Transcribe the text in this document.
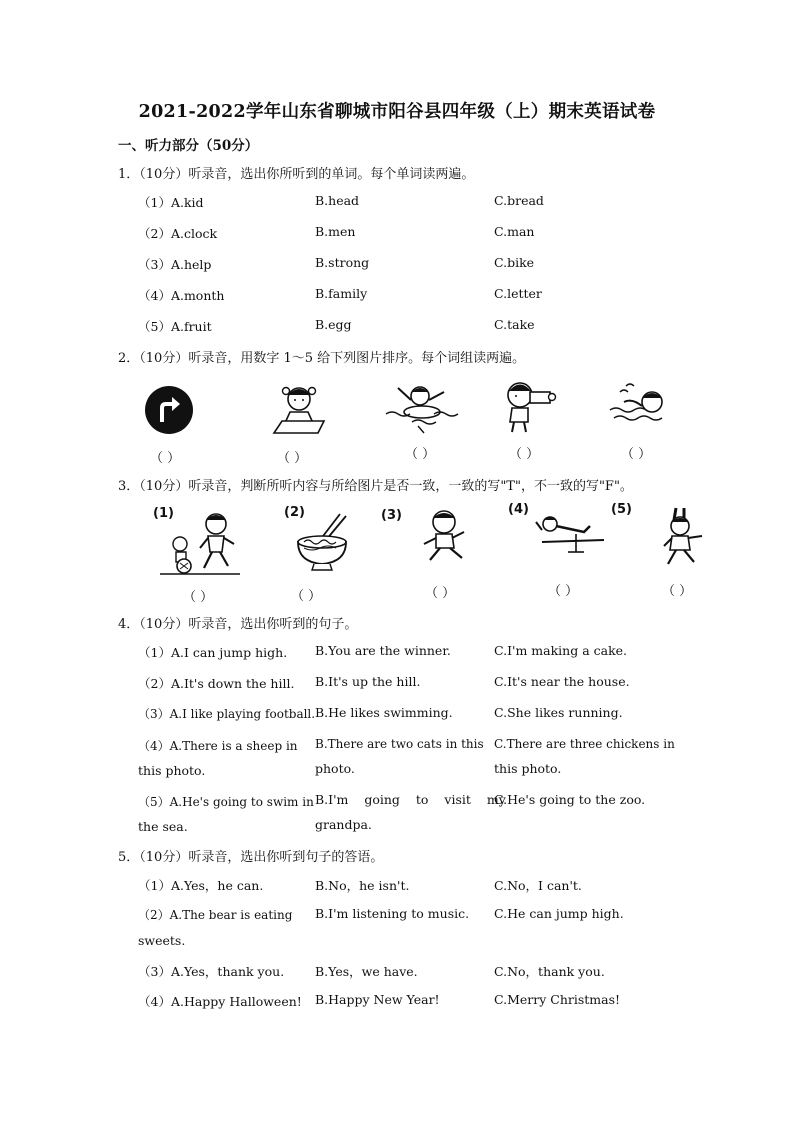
2021-2022学年山东省聊城市阳谷县四年级（上）期末英语试卷
一、听力部分（50分）
1．（10分）听录音，选出你所听到的单词。每个单词读两遍。
（1）A.kid	B.head	C.bread
（2）A.clock	B.men	C.man
（3）A.help	B.strong	C.bike
（4）A.month	B.family	C.letter
（5）A.fruit	B.egg	C.take
2．（10分）听录音，用数字 1～5 给下列图片排序。每个词组读两遍。
（ ）	（ ）	（ ）	（ ）	（ ）
3．（10分）听录音，判断所听内容与所给图片是否一致，一致的写"T"，不一致的写"F"。
(1)	(2)	(3)	(4)	(5)
（ ）	（ ）	（ ）	（ ）	（ ）
4．（10分）听录音，选出你听到的句子。
（1）A.I can jump high. B.You are the winner.	C.I'm making a cake.
（2）A.It's down the hill. B.It's up the hill.	C.It's near the house.
（3）A.I like playing football. B.He likes swimming.	C.She likes running.
（4）A.There is a sheep in
this photo.
B.There are two cats in this
photo.
C.There are three chickens in
this photo.
（5）A.He's going to swim in
the sea.
B.I'm going to visit my
grandpa.
C.He's going to the zoo.
5．（10分）听录音，选出你听到句子的答语。
（1）A.Yes，he can.	B.No，he isn't.	C.No，I can't.
（2）A.The bear is eating
sweets.
B.I'm listening to music. C.He can jump high.
（3）A.Yes，thank you. B.Yes，we have.	C.No，thank you.
（4）A.Happy Halloween! B.Happy New Year!	C.Merry Christmas!
